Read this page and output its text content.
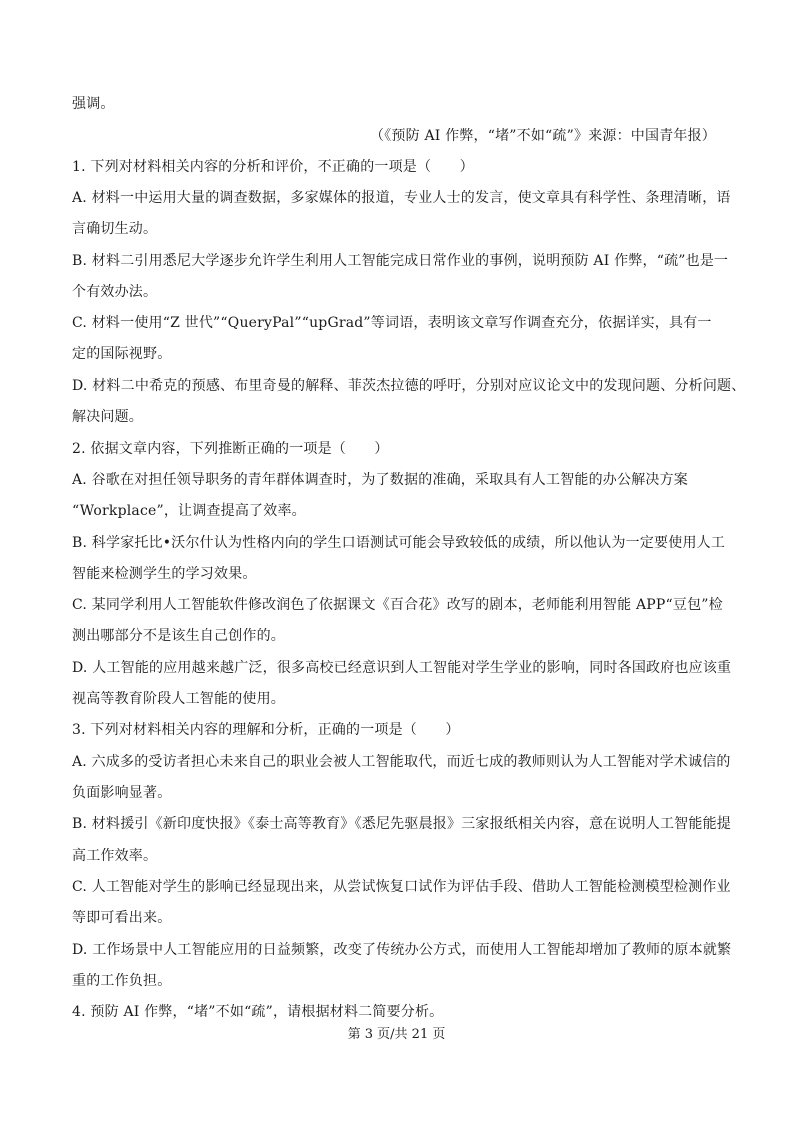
强调。
（《预防 AI 作弊，“堵”不如“疏”》来源：中国青年报）
1. 下列对材料相关内容的分析和评价，不正确的一项是（　　）
A. 材料一中运用大量的调查数据，多家媒体的报道，专业人士的发言，使文章具有科学性、条理清晰，语
言确切生动。
B. 材料二引用悉尼大学逐步允许学生利用人工智能完成日常作业的事例，说明预防 AI 作弊，“疏”也是一
个有效办法。
C. 材料一使用“Z 世代”“QueryPal”“upGrad”等词语，表明该文章写作调查充分，依据详实，具有一
定的国际视野。
D. 材料二中希克的预感、布里奇曼的解释、菲茨杰拉德的呼吁，分别对应议论文中的发现问题、分析问题、
解决问题。
2. 依据文章内容，下列推断正确的一项是（　　）
A. 谷歌在对担任领导职务的青年群体调查时，为了数据的准确，采取具有人工智能的办公解决方案
“Workplace”，让调查提高了效率。
B. 科学家托比•沃尔什认为性格内向的学生口语测试可能会导致较低的成绩，所以他认为一定要使用人工
智能来检测学生的学习效果。
C. 某同学利用人工智能软件修改润色了依据课文《百合花》改写的剧本，老师能利用智能 APP“豆包”检
测出哪部分不是该生自己创作的。
D. 人工智能的应用越来越广泛，很多高校已经意识到人工智能对学生学业的影响，同时各国政府也应该重
视高等教育阶段人工智能的使用。
3. 下列对材料相关内容的理解和分析，正确的一项是（　　）
A. 六成多的受访者担心未来自己的职业会被人工智能取代，而近七成的教师则认为人工智能对学术诚信的
负面影响显著。
B. 材料援引《新印度快报》《泰士高等教育》《悉尼先驱晨报》三家报纸相关内容，意在说明人工智能能提
高工作效率。
C. 人工智能对学生的影响已经显现出来，从尝试恢复口试作为评估手段、借助人工智能检测模型检测作业
等即可看出来。
D. 工作场景中人工智能应用的日益频繁，改变了传统办公方式，而使用人工智能却增加了教师的原本就繁
重的工作负担。
4. 预防 AI 作弊，“堵”不如“疏”，请根据材料二简要分析。
第 3 页/共 21 页
